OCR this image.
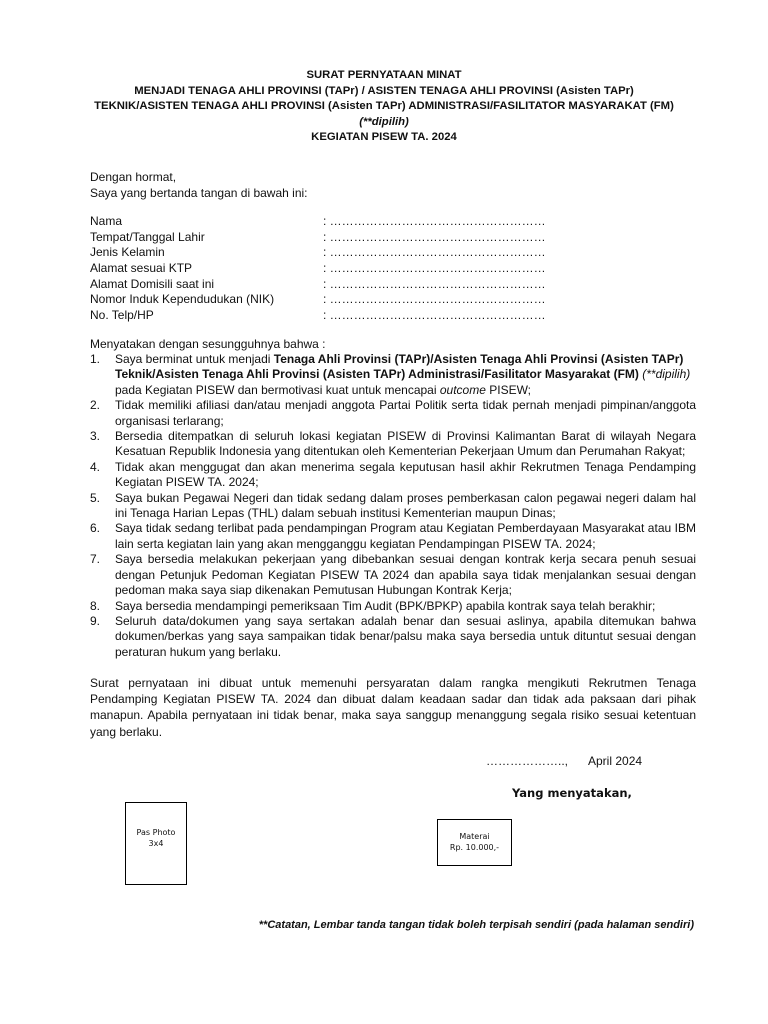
SURAT PERNYATAAN MINAT
MENJADI TENAGA AHLI PROVINSI (TAPr) / ASISTEN TENAGA AHLI PROVINSI (Asisten TAPr)
TEKNIK/ASISTEN TENAGA AHLI PROVINSI (Asisten TAPr) ADMINISTRASI/FASILITATOR MASYARAKAT (FM)
(**dipilih)
KEGIATAN PISEW TA. 2024
Dengan hormat,
Saya yang bertanda tangan di bawah ini:
Nama	: ………………………………………………
Tempat/Tanggal Lahir	: ………………………………………………
Jenis Kelamin	: ………………………………………………
Alamat sesuai KTP	: ………………………………………………
Alamat Domisili saat ini	: ………………………………………………
Nomor Induk Kependudukan (NIK)	: ………………………………………………
No. Telp/HP	: ………………………………………………
Menyatakan dengan sesungguhnya bahwa :
1. Saya berminat untuk menjadi Tenaga Ahli Provinsi (TAPr)/Asisten Tenaga Ahli Provinsi (Asisten TAPr) Teknik/Asisten Tenaga Ahli Provinsi (Asisten TAPr) Administrasi/Fasilitator Masyarakat (FM) (**dipilih)
pada Kegiatan PISEW dan bermotivasi kuat untuk mencapai outcome PISEW;
2. Tidak memiliki afiliasi dan/atau menjadi anggota Partai Politik serta tidak pernah menjadi pimpinan/anggota organisasi terlarang;
3. Bersedia ditempatkan di seluruh lokasi kegiatan PISEW di Provinsi Kalimantan Barat di wilayah Negara Kesatuan Republik Indonesia yang ditentukan oleh Kementerian Pekerjaan Umum dan Perumahan Rakyat;
4. Tidak akan menggugat dan akan menerima segala keputusan hasil akhir Rekrutmen Tenaga Pendamping Kegiatan PISEW TA. 2024;
5. Saya bukan Pegawai Negeri dan tidak sedang dalam proses pemberkasan calon pegawai negeri dalam hal ini Tenaga Harian Lepas (THL) dalam sebuah institusi Kementerian maupun Dinas;
6. Saya tidak sedang terlibat pada pendampingan Program atau Kegiatan Pemberdayaan Masyarakat atau IBM lain serta kegiatan lain yang akan mengganggu kegiatan Pendampingan PISEW TA. 2024;
7. Saya bersedia melakukan pekerjaan yang dibebankan sesuai dengan kontrak kerja secara penuh sesuai dengan Petunjuk Pedoman Kegiatan PISEW TA 2024 dan apabila saya tidak menjalankan sesuai dengan pedoman maka saya siap dikenakan Pemutusan Hubungan Kontrak Kerja;
8. Saya bersedia mendampingi pemeriksaan Tim Audit (BPK/BPKP) apabila kontrak saya telah berakhir;
9. Seluruh data/dokumen yang saya sertakan adalah benar dan sesuai aslinya, apabila ditemukan bahwa dokumen/berkas yang saya sampaikan tidak benar/palsu maka saya bersedia untuk dituntut sesuai dengan peraturan hukum yang berlaku.
Surat pernyataan ini dibuat untuk memenuhi persyaratan dalam rangka mengikuti Rekrutmen Tenaga Pendamping Kegiatan PISEW TA. 2024 dan dibuat dalam keadaan sadar dan tidak ada paksaan dari pihak manapun. Apabila pernyataan ini tidak benar, maka saya sanggup menanggung segala risiko sesuai ketentuan yang berlaku.
……………….., April 2024
Yang menyatakan,
Pas Photo
3x4
Materai
Rp. 10.000,-
**Catatan, Lembar tanda tangan tidak boleh terpisah sendiri (pada halaman sendiri)
